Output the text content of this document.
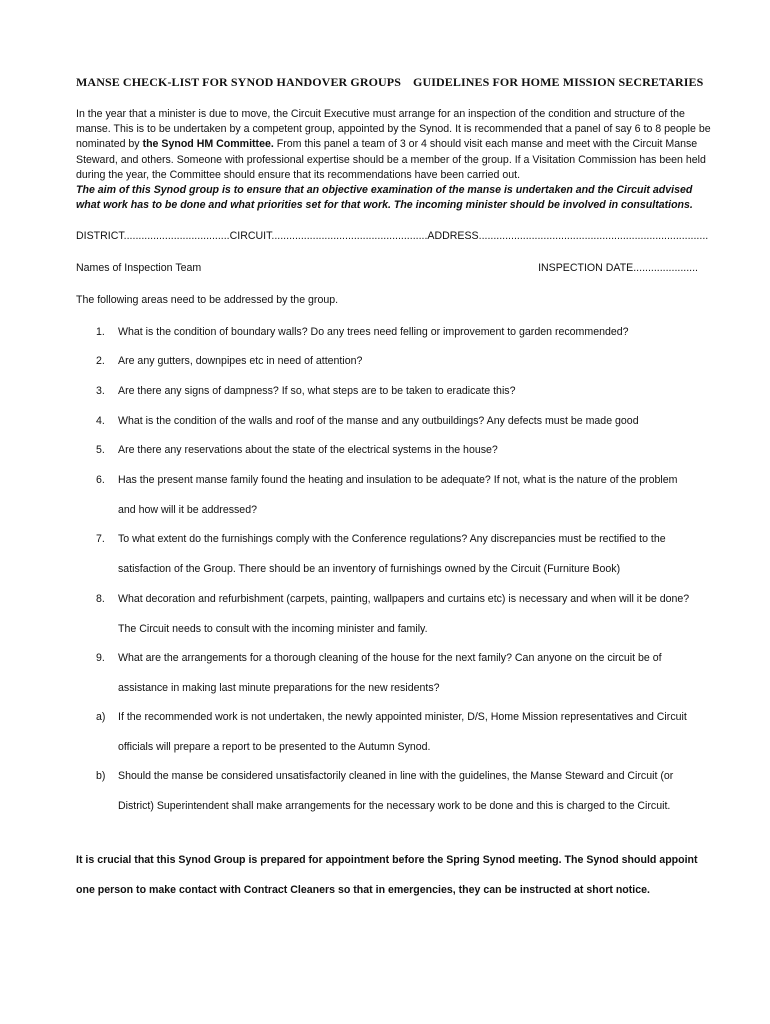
MANSE CHECK-LIST FOR SYNOD HANDOVER GROUPS GUIDELINES FOR HOME MISSION SECRETARIES
In the year that a minister is due to move, the Circuit Executive must arrange for an inspection of the condition and structure of the manse. This is to be undertaken by a competent group, appointed by the Synod. It is recommended that a panel of say 6 to 8 people be nominated by the Synod HM Committee. From this panel a team of 3 or 4 should visit each manse and meet with the Circuit Manse Steward, and others. Someone with professional expertise should be a member of the group. If a Visitation Commission has been held during the year, the Committee should ensure that its recommendations have been carried out.
The aim of this Synod group is to ensure that an objective examination of the manse is undertaken and the Circuit advised what work has to be done and what priorities set for that work. The incoming minister should be involved in consultations.
DISTRICT....................................CIRCUIT.....................................................ADDRESS..............................................................................
Names of Inspection Team	INSPECTION DATE......................
The following areas need to be addressed by the group.
1. What is the condition of boundary walls? Do any trees need felling or improvement to garden recommended?
2. Are any gutters, downpipes etc in need of attention?
3. Are there any signs of dampness? If so, what steps are to be taken to eradicate this?
4. What is the condition of the walls and roof of the manse and any outbuildings? Any defects must be made good
5. Are there any reservations about the state of the electrical systems in the house?
6. Has the present manse family found the heating and insulation to be adequate? If not, what is the nature of the problem and how will it be addressed?
7. To what extent do the furnishings comply with the Conference regulations? Any discrepancies must be rectified to the satisfaction of the Group. There should be an inventory of furnishings owned by the Circuit (Furniture Book)
8. What decoration and refurbishment (carpets, painting, wallpapers and curtains etc) is necessary and when will it be done? The Circuit needs to consult with the incoming minister and family.
9. What are the arrangements for a thorough cleaning of the house for the next family? Can anyone on the circuit be of assistance in making last minute preparations for the new residents?
a) If the recommended work is not undertaken, the newly appointed minister, D/S, Home Mission representatives and Circuit officials will prepare a report to be presented to the Autumn Synod.
b) Should the manse be considered unsatisfactorily cleaned in line with the guidelines, the Manse Steward and Circuit (or District) Superintendent shall make arrangements for the necessary work to be done and this is charged to the Circuit.
It is crucial that this Synod Group is prepared for appointment before the Spring Synod meeting. The Synod should appoint one person to make contact with Contract Cleaners so that in emergencies, they can be instructed at short notice.
